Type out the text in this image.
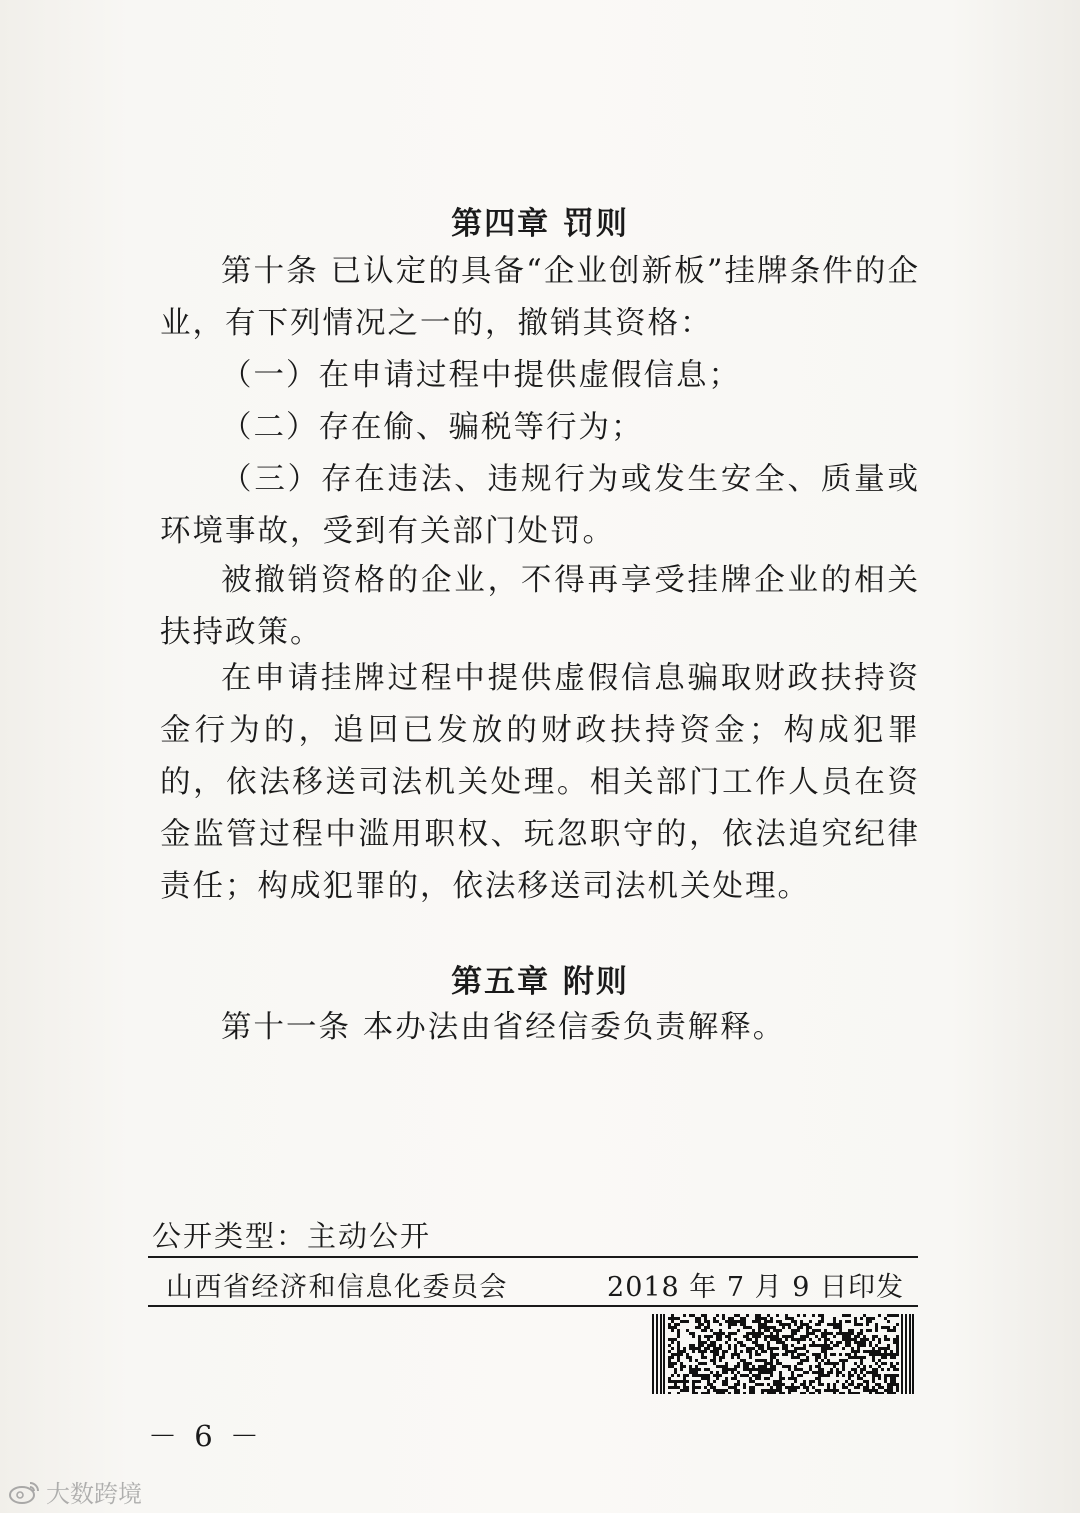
第四章 罚则

第十条 已认定的具备“企业创新板”挂牌条件的企业，有下列情况之一的，撤销其资格：

（一）在申请过程中提供虚假信息；

（二）存在偷、骗税等行为；

（三）存在违法、违规行为或发生安全、质量或环境事故，受到有关部门处罚。

被撤销资格的企业，不得再享受挂牌企业的相关扶持政策。

在申请挂牌过程中提供虚假信息骗取财政扶持资金行为的，追回已发放的财政扶持资金；构成犯罪的，依法移送司法机关处理。相关部门工作人员在资金监管过程中滥用职权、玩忽职守的，依法追究纪律责任；构成犯罪的，依法移送司法机关处理。

第五章 附则

第十一条 本办法由省经信委负责解释。

公开类型：主动公开
山西省经济和信息化委员会	2018 年 7 月 9 日印发
－ 6 －
大数跨境
